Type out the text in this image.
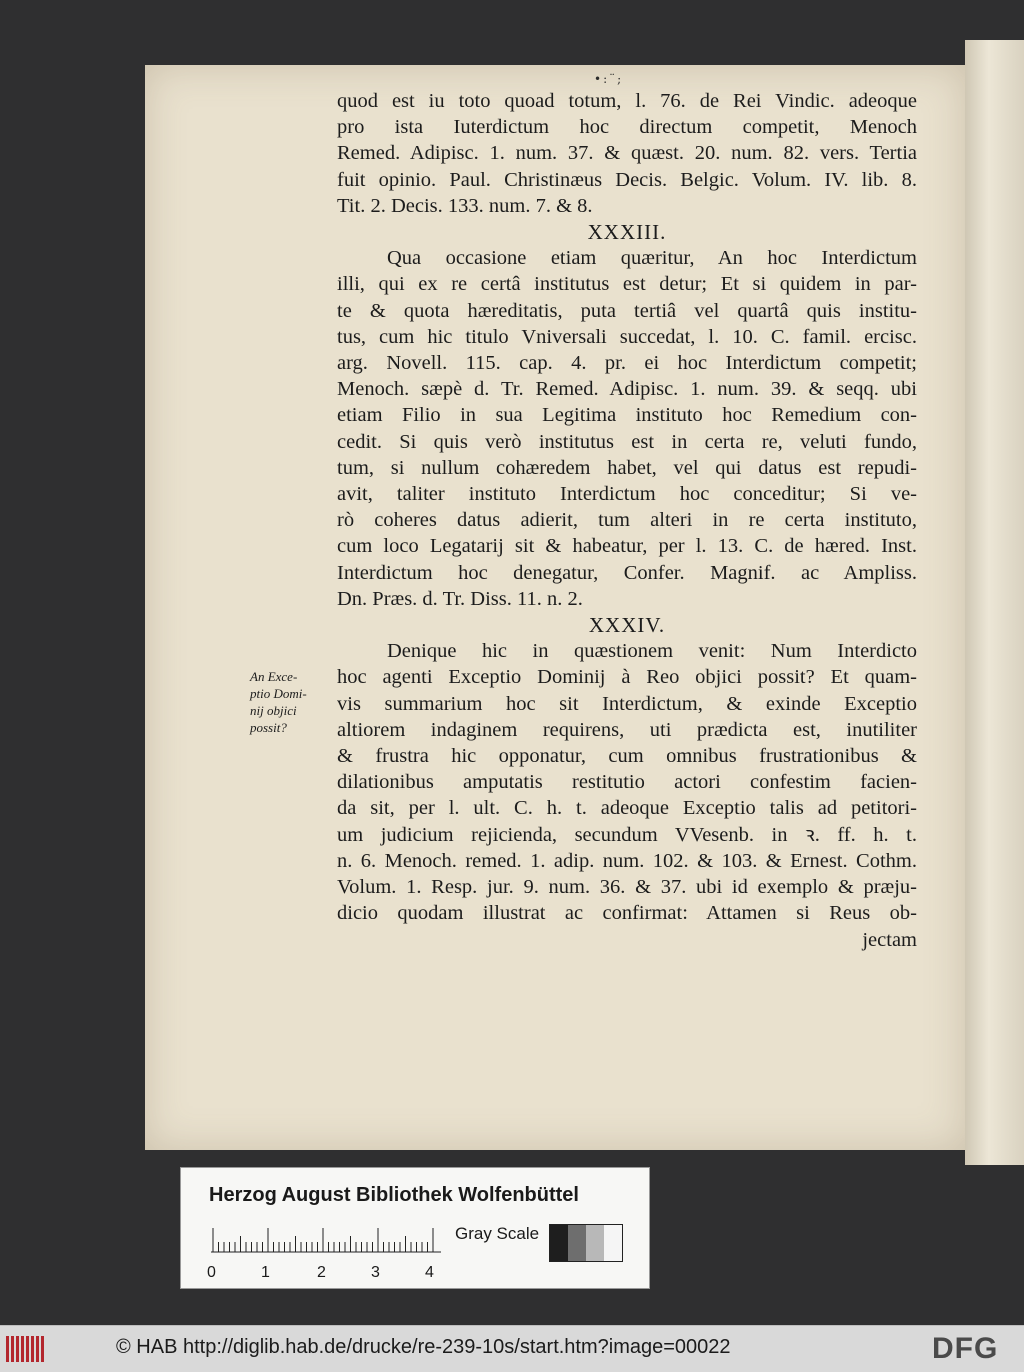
•:¨;
quod est iu toto quoad totum, l. 76. de Rei Vindic. adeoque
pro ista Iuterdictum hoc directum competit, Menoch
Remed. Adipisc. 1. num. 37. & quæst. 20. num. 82. vers. Tertia
fuit opinio. Paul. Christinæus Decis. Belgic. Volum. IV. lib. 8.
Tit. 2. Decis. 133. num. 7. & 8.
XXXIII.
Qua occasione etiam quæritur, An hoc Interdictum
illi, qui ex re certâ institutus est detur; Et si quidem in par-
te & quota hæreditatis, puta tertiâ vel quartâ quis institu-
tus, cum hic titulo Vniversali succedat, l. 10. C. famil. ercisc.
arg. Novell. 115. cap. 4. pr. ei hoc Interdictum competit;
Menoch. sæpè d. Tr. Remed. Adipisc. 1. num. 39. & seqq. ubi
etiam Filio in sua Legitima instituto hoc Remedium con-
cedit. Si quis verò institutus est in certa re, veluti fundo,
tum, si nullum cohæredem habet, vel qui datus est repudi-
avit, taliter instituto Interdictum hoc conceditur; Si ve-
rò coheres datus adierit, tum alteri in re certa instituto,
cum loco Legatarij sit & habeatur, per l. 13. C. de hæred. Inst.
Interdictum hoc denegatur, Confer. Magnif. ac Ampliss.
Dn. Præs. d. Tr. Diss. 11. n. 2.
XXXIV.
Denique hic in quæstionem venit: Num Interdicto
hoc agenti Exceptio Dominij à Reo objici possit? Et quam-
vis summarium hoc sit Interdictum, & exinde Exceptio
altiorem indaginem requirens, uti prædicta est, inutiliter
& frustra hic opponatur, cum omnibus frustrationibus &
dilationibus amputatis restitutio actori confestim facien-
da sit, per l. ult. C. h. t. adeoque Exceptio talis ad petitori-
um judicium rejicienda, secundum VVesenb. in ꝛ. ff. h. t.
n. 6. Menoch. remed. 1. adip. num. 102. & 103. & Ernest. Cothm.
Volum. 1. Resp. jur. 9. num. 36. & 37. ubi id exemplo & præju-
dicio quodam illustrat ac confirmat: Attamen si Reus ob-
jectam
An Exce-
ptio Domi-
nij objici
possit?
Herzog August Bibliothek Wolfenbüttel
Gray Scale
0	1	2	3	4
© HAB http://diglib.hab.de/drucke/re-239-10s/start.htm?image=00022	DFG
